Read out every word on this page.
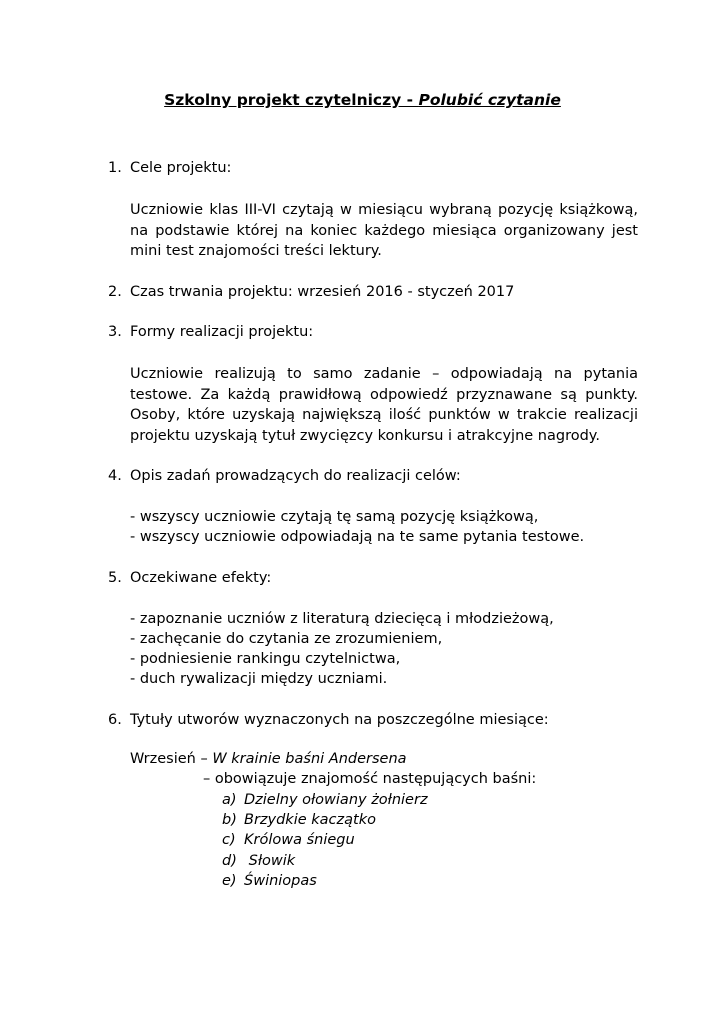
Szkolny projekt czytelniczy - Polubić czytanie
1. Cele projektu:
Uczniowie klas III-VI czytają w miesiącu wybraną pozycję książkową, na podstawie której na koniec każdego miesiąca organizowany jest mini test znajomości treści lektury.
2. Czas trwania projektu: wrzesień 2016 - styczeń 2017
3. Formy realizacji projektu:
Uczniowie realizują to samo zadanie – odpowiadają na pytania testowe. Za każdą prawidłową odpowiedź przyznawane są punkty. Osoby, które uzyskają największą ilość punktów w trakcie realizacji projektu uzyskają tytuł zwycięzcy konkursu i atrakcyjne nagrody.
4. Opis zadań prowadzących do realizacji celów:
- wszyscy uczniowie czytają tę samą pozycję książkową,
- wszyscy uczniowie odpowiadają na te same pytania testowe.
5. Oczekiwane efekty:
- zapoznanie uczniów z literaturą dziecięcą i młodzieżową,
- zachęcanie do czytania ze zrozumieniem,
- podniesienie rankingu czytelnictwa,
- duch rywalizacji między uczniami.
6. Tytuły utworów wyznaczonych na poszczególne miesiące:
Wrzesień – W krainie baśni Andersena
– obowiązuje znajomość następujących baśni:
a) Dzielny ołowiany żołnierz
b) Brzydkie kaczątko
c) Królowa śniegu
d) Słowik
e) Świniopas
